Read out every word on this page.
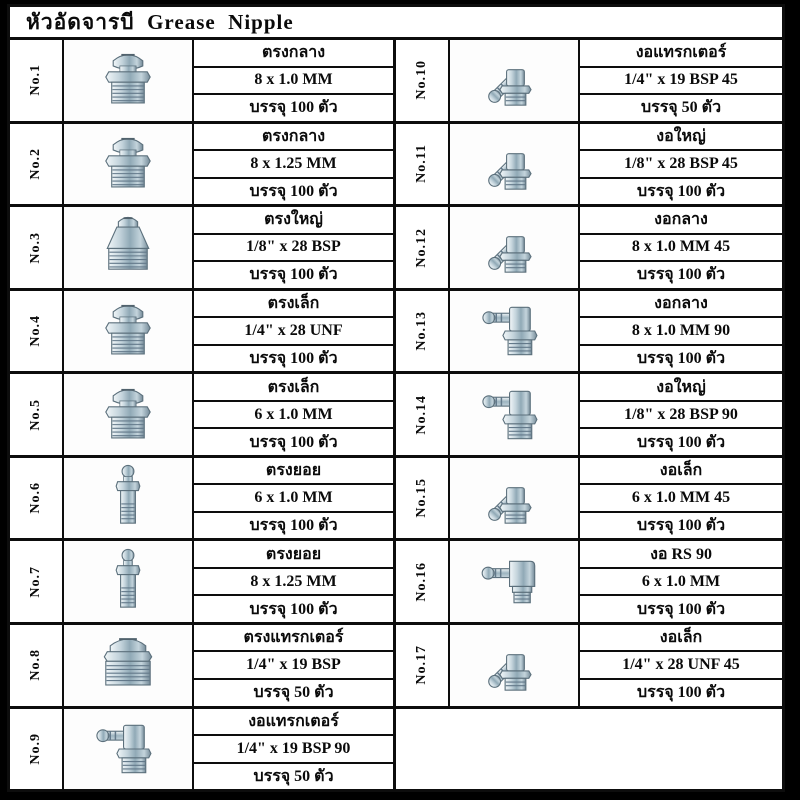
หัวอัดจารบี  Grease  Nipple
No.1
ตรงกลาง
8 x 1.0 MM
บรรจุ 100 ตัว
No.2
ตรงกลาง
8 x 1.25 MM
บรรจุ 100 ตัว
No.3
ตรงใหญ่
1/8" x 28 BSP
บรรจุ 100 ตัว
No.4
ตรงเล็ก
1/4" x 28 UNF
บรรจุ 100 ตัว
No.5
ตรงเล็ก
6 x 1.0 MM
บรรจุ 100 ตัว
No.6
ตรงยอย
6 x 1.0 MM
บรรจุ 100 ตัว
No.7
ตรงยอย
8 x 1.25 MM
บรรจุ 100 ตัว
No.8
ตรงแทรกเตอร์
1/4" x 19 BSP
บรรจุ 50 ตัว
No.9
งอแทรกเตอร์
1/4" x 19 BSP 90
บรรจุ 50 ตัว
No.10
งอแทรกเตอร์
1/4" x 19 BSP 45
บรรจุ 50 ตัว
No.11
งอใหญ่
1/8" x 28 BSP 45
บรรจุ 100 ตัว
No.12
งอกลาง
8 x 1.0 MM 45
บรรจุ 100 ตัว
No.13
งอกลาง
8 x 1.0 MM 90
บรรจุ 100 ตัว
No.14
งอใหญ่
1/8" x 28 BSP 90
บรรจุ 100 ตัว
No.15
งอเล็ก
6 x 1.0 MM 45
บรรจุ 100 ตัว
No.16
งอ RS 90
6 x 1.0 MM
บรรจุ 100 ตัว
No.17
งอเล็ก
1/4" x 28 UNF 45
บรรจุ 100 ตัว
